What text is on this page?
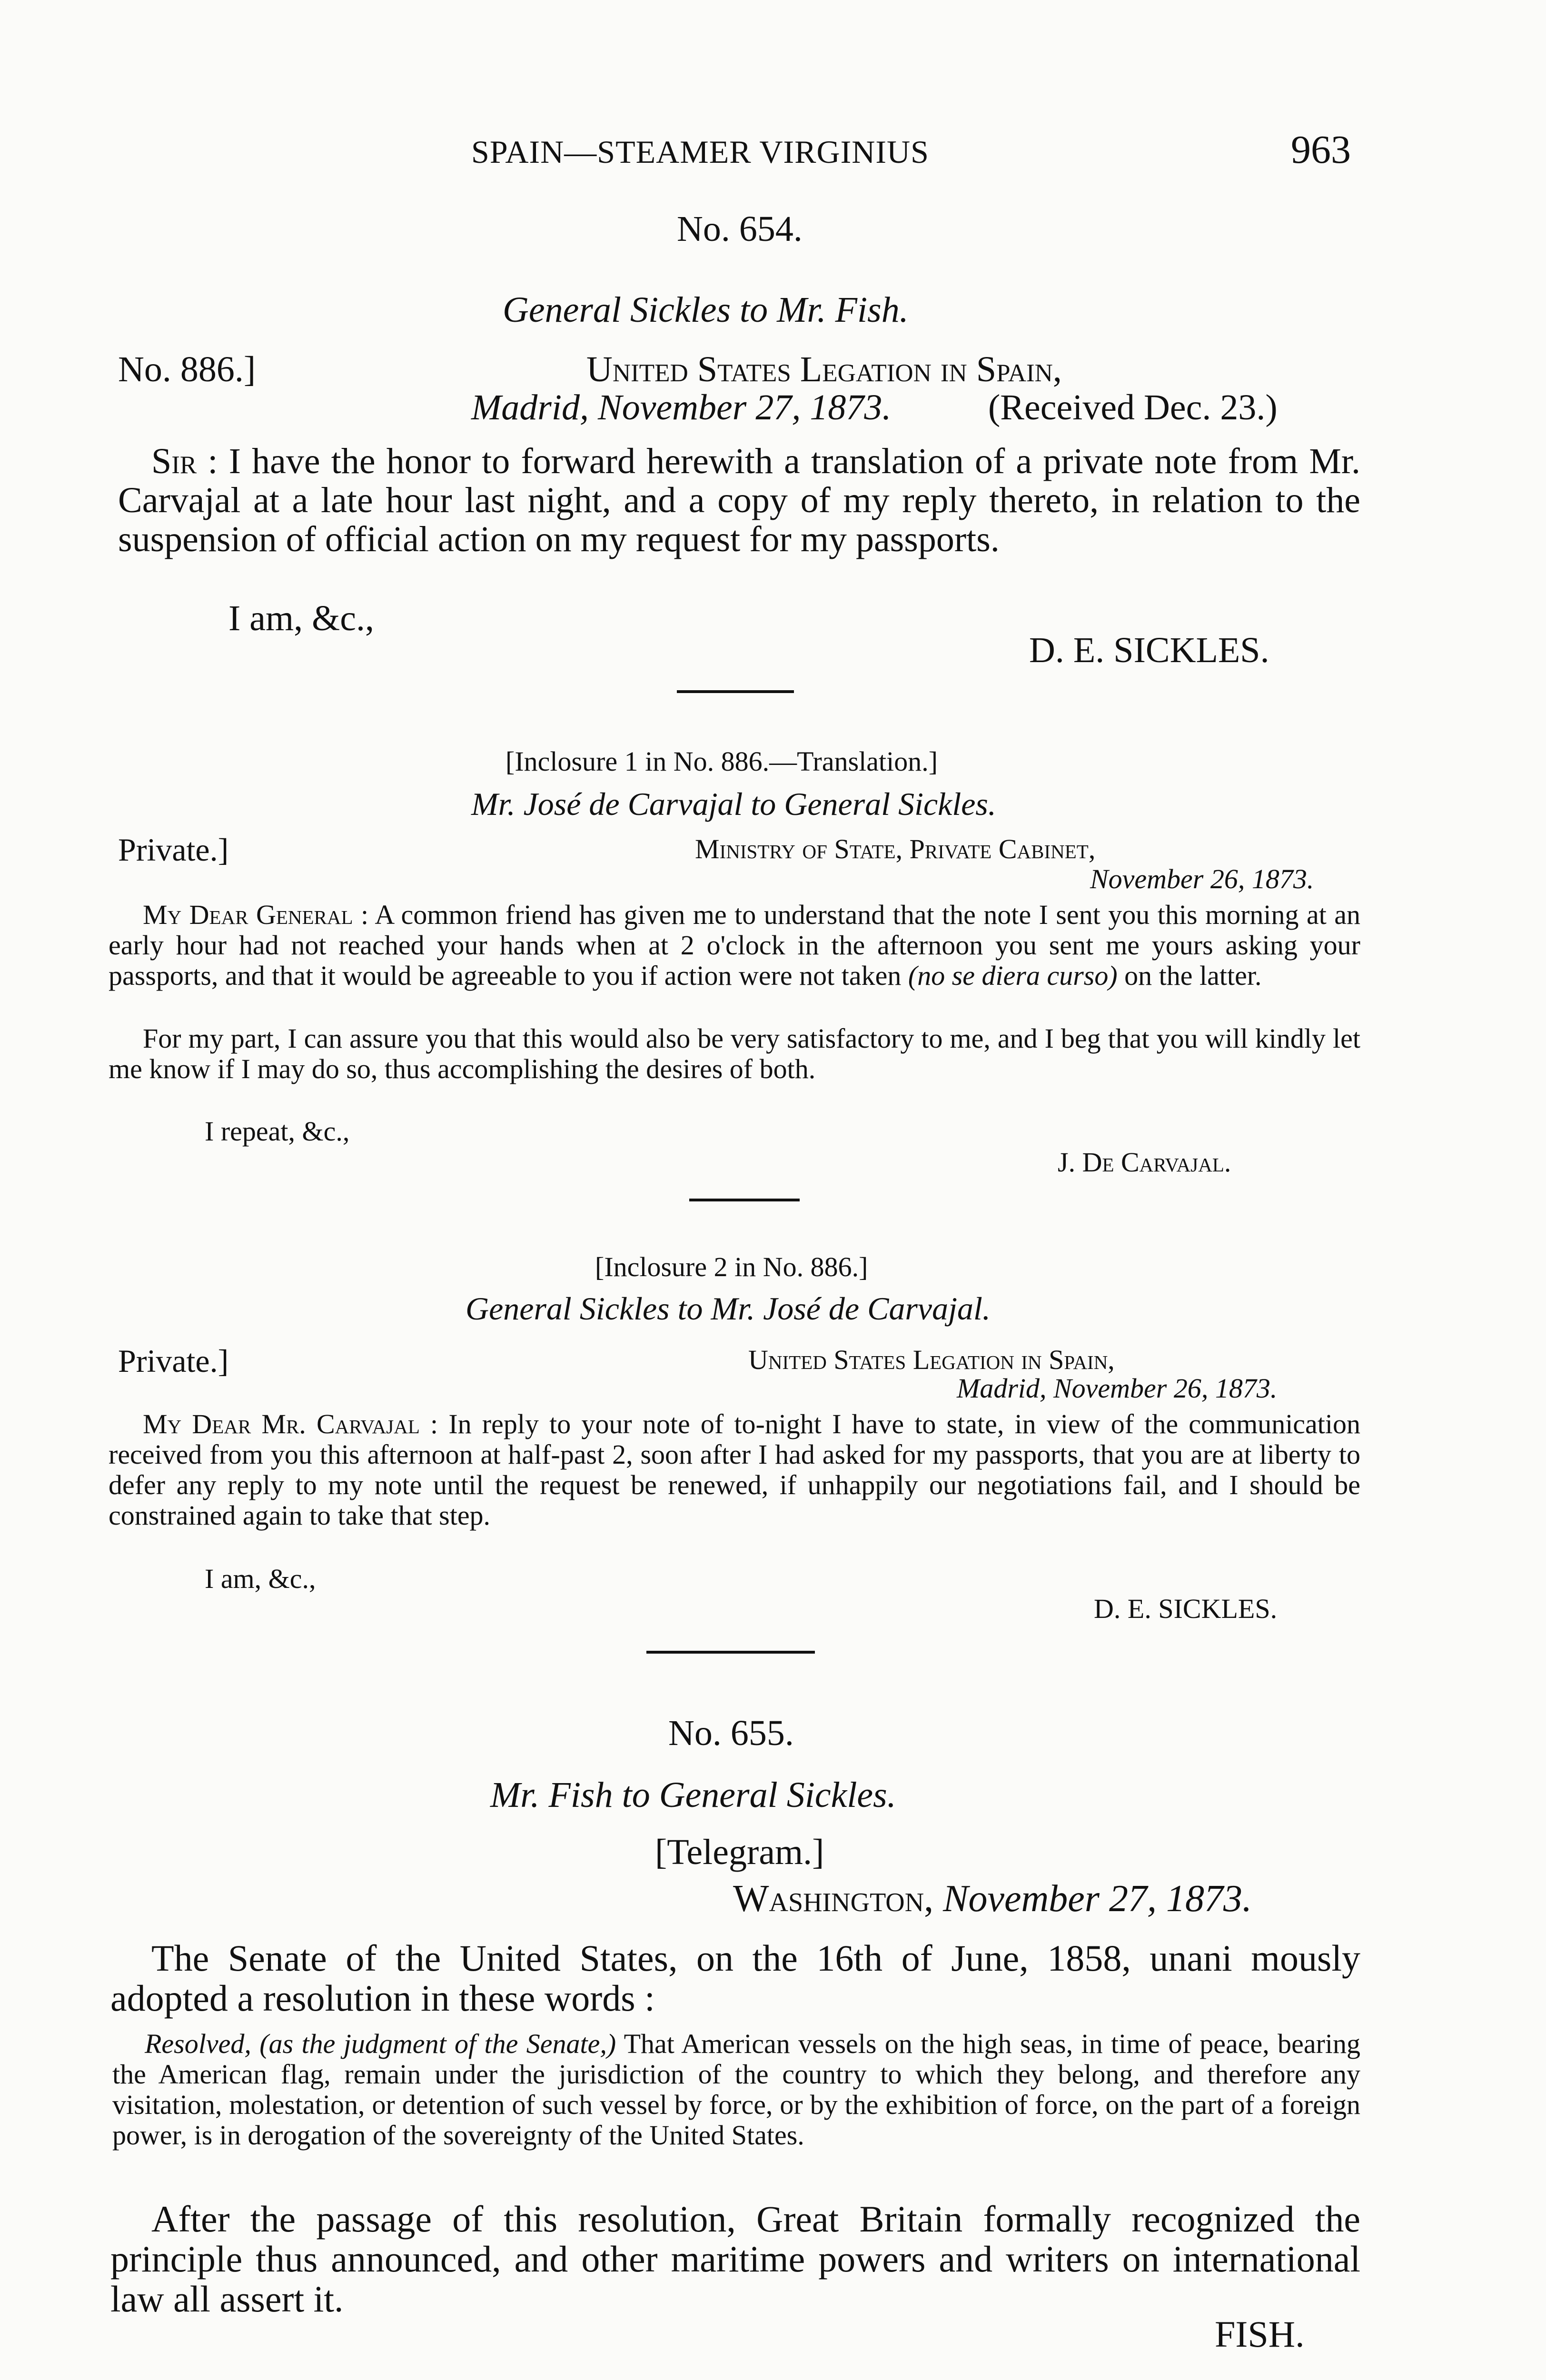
SPAIN—STEAMER VIRGINIUS	963
No. 654.
General Sickles to Mr. Fish.
No. 886.]	United States Legation in Spain,
Madrid, November 27, 1873.	(Received Dec. 23.)
Sir : I have the honor to forward herewith a translation of a private note from Mr. Carvajal at a late hour last night, and a copy of my reply thereto, in relation to the suspension of official action on my request for my passports.
I am, &c.,
D. E. SICKLES.
[Inclosure 1 in No. 886.—Translation.]
Mr. José de Carvajal to General Sickles.
Private.]	Ministry of State, Private Cabinet,
November 26, 1873.
My Dear General : A common friend has given me to understand that the note I sent you this morning at an early hour had not reached your hands when at 2 o'clock in the afternoon you sent me yours asking your passports, and that it would be agreeable to you if action were not taken (no se diera curso) on the latter.
For my part, I can assure you that this would also be very satisfactory to me, and I beg that you will kindly let me know if I may do so, thus accomplishing the desires of both.
I repeat, &c.,
J. De Carvajal.
[Inclosure 2 in No. 886.]
General Sickles to Mr. José de Carvajal.
Private.]	United States Legation in Spain,
Madrid, November 26, 1873.
My Dear Mr. Carvajal : In reply to your note of to-night I have to state, in view of the communication received from you this afternoon at half-past 2, soon after I had asked for my passports, that you are at liberty to defer any reply to my note until the request be renewed, if unhappily our negotiations fail, and I should be constrained again to take that step.
I am, &c.,
D. E. SICKLES.
No. 655.
Mr. Fish to General Sickles.
[Telegram.]
Washington, November 27, 1873.
The Senate of the United States, on the 16th of June, 1858, unani mously adopted a resolution in these words :
Resolved, (as the judgment of the Senate,) That American vessels on the high seas, in time of peace, bearing the American flag, remain under the jurisdiction of the country to which they belong, and therefore any visitation, molestation, or detention of such vessel by force, or by the exhibition of force, on the part of a foreign power, is in derogation of the sovereignty of the United States.
After the passage of this resolution, Great Britain formally recognized the principle thus announced, and other maritime powers and writers on international law all assert it.
FISH.
